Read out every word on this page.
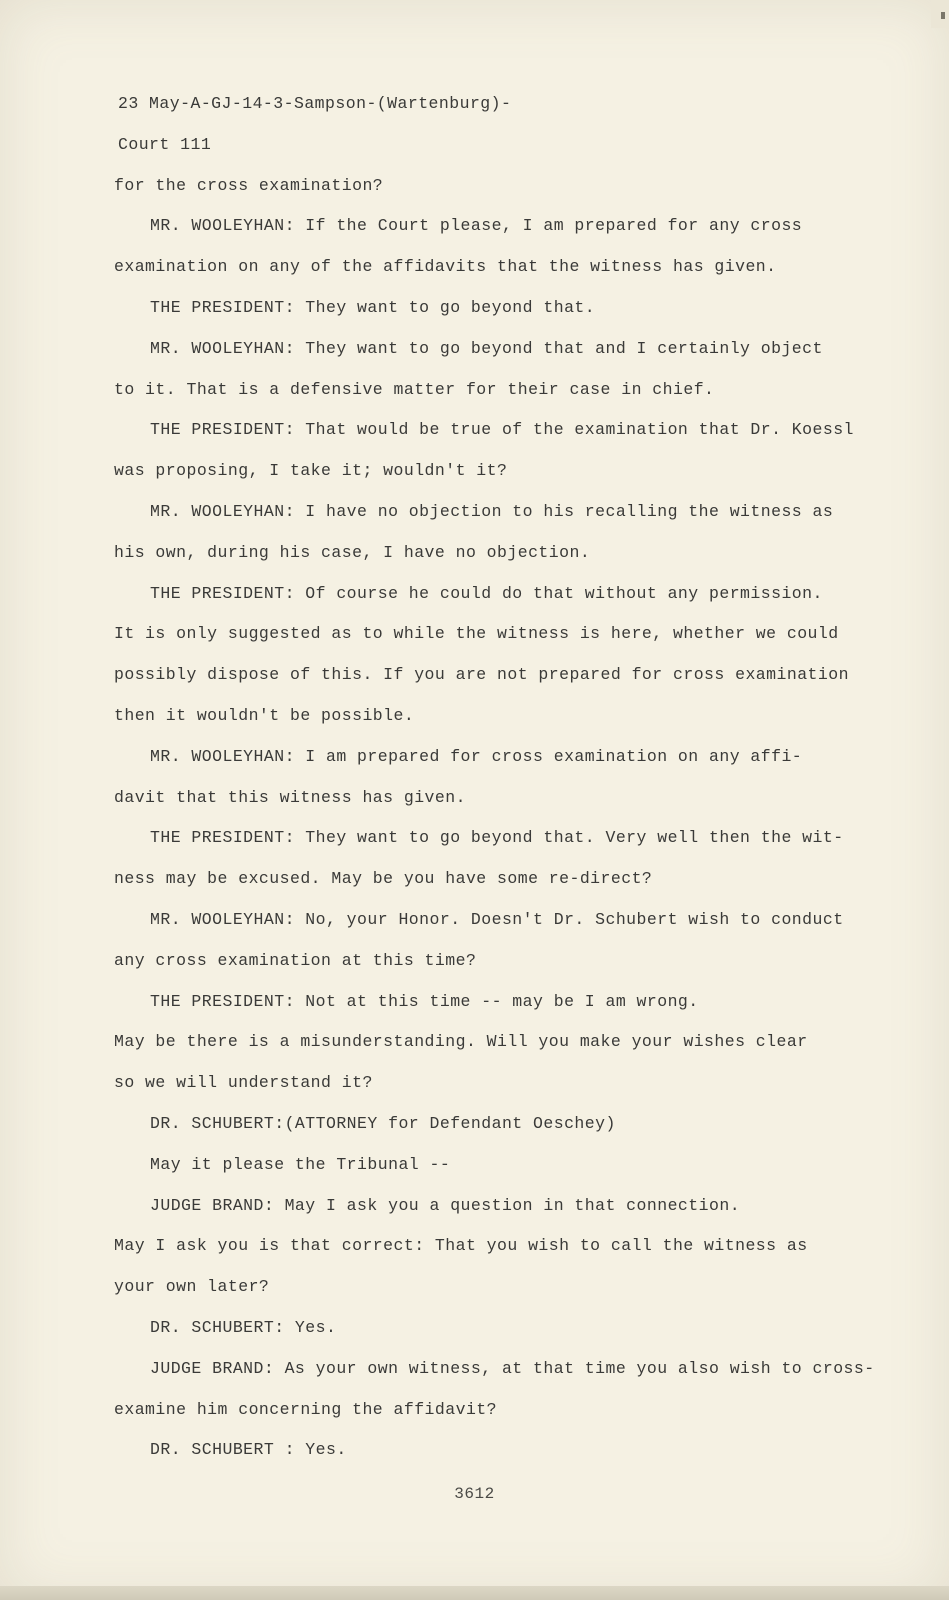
23 May-A-GJ-14-3-Sampson-(Wartenburg)-
Court 111
for the cross examination?
MR. WOOLEYHAN: If the Court please, I am prepared for any cross
examination on any of the affidavits that the witness has given.
THE PRESIDENT: They want to go beyond that.
MR. WOOLEYHAN: They want to go beyond that and I certainly object
to it. That is a defensive matter for their case in chief.
THE PRESIDENT: That would be true of the examination that Dr. Koessl
was proposing, I take it; wouldn't it?
MR. WOOLEYHAN: I have no objection to his recalling the witness as
his own, during his case, I have no objection.
THE PRESIDENT: Of course he could do that without any permission.
It is only suggested as to while the witness is here, whether we could
possibly dispose of this. If you are not prepared for cross examination
then it wouldn't be possible.
MR. WOOLEYHAN: I am prepared for cross examination on any affi-
davit that this witness has given.
THE PRESIDENT: They want to go beyond that. Very well then the wit-
ness may be excused. May be you have some re-direct?
MR. WOOLEYHAN: No, your Honor. Doesn't Dr. Schubert wish to conduct
any cross examination at this time?
THE PRESIDENT: Not at this time -- may be I am wrong.
May be there is a misunderstanding. Will you make your wishes clear
so we will understand it?
DR. SCHUBERT:(ATTORNEY for Defendant Oeschey)
May it please the Tribunal --
JUDGE BRAND: May I ask you a question in that connection.
May I ask you is that correct: That you wish to call the witness as
your own later?
DR. SCHUBERT: Yes.
JUDGE BRAND: As your own witness, at that time you also wish to cross-
examine him concerning the affidavit?
DR. SCHUBERT : Yes.
3612
